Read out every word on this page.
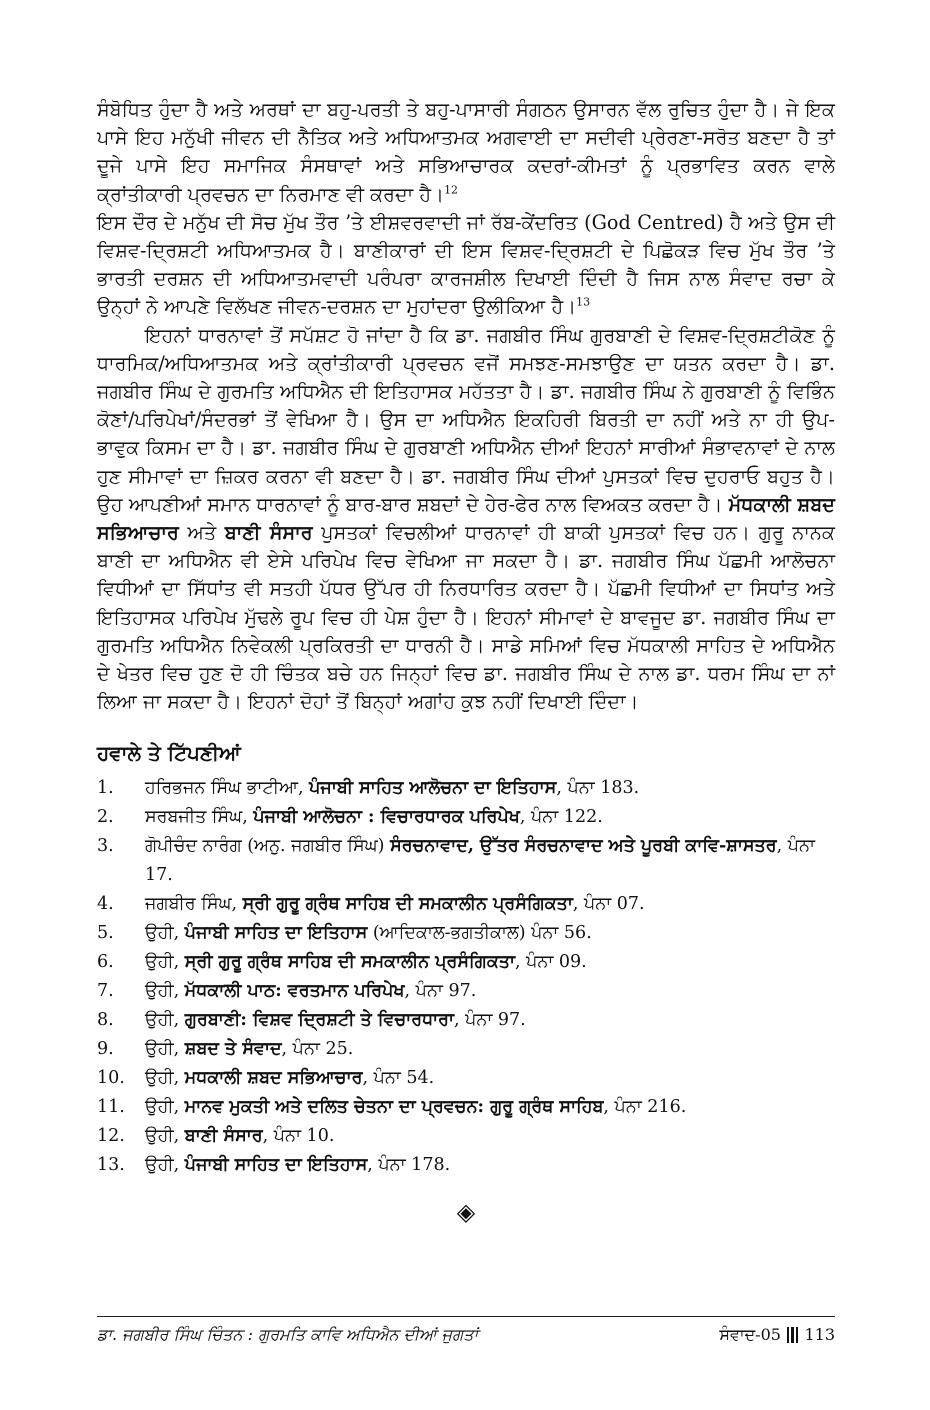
ਸੰਬੋਧਿਤ ਹੁੰਦਾ ਹੈ ਅਤੇ ਅਰਥਾਂ ਦਾ ਬਹੁ-ਪਰਤੀ ਤੇ ਬਹੁ-ਪਾਸਾਰੀ ਸੰਗਠਨ ਉਸਾਰਨ ਵੱਲ ਰੁਚਿਤ ਹੁੰਦਾ ਹੈ। ਜੇ ਇਕ ਪਾਸੇ ਇਹ ਮਨੁੱਖੀ ਜੀਵਨ ਦੀ ਨੈਤਿਕ ਅਤੇ ਅਧਿਆਤਮਕ ਅਗਵਾਈ ਦਾ ਸਦੀਵੀ ਪ੍ਰੇਰਣਾ-ਸਰੋਤ ਬਣਦਾ ਹੈ ਤਾਂ ਦੂਜੇ ਪਾਸੇ ਇਹ ਸਮਾਜਿਕ ਸੰਸਥਾਵਾਂ ਅਤੇ ਸਭਿਆਚਾਰਕ ਕਦਰਾਂ-ਕੀਮਤਾਂ ਨੂੰ ਪ੍ਰਭਾਵਿਤ ਕਰਨ ਵਾਲੇ ਕ੍ਰਾਂਤੀਕਾਰੀ ਪ੍ਰਵਚਨ ਦਾ ਨਿਰਮਾਣ ਵੀ ਕਰਦਾ ਹੈ।$^{12}$

ਇਸ ਦੌਰ ਦੇ ਮਨੁੱਖ ਦੀ ਸੋਚ ਮੁੱਖ ਤੌਰ ’ਤੇ ਈਸ਼ਵਰਵਾਦੀ ਜਾਂ ਰੱਬ-ਕੇਂਦਰਿਤ (God Centred) ਹੈ ਅਤੇ ਉਸ ਦੀ ਵਿਸ਼ਵ-ਦ੍ਰਿਸ਼ਟੀ ਅਧਿਆਤਮਕ ਹੈ। ਬਾਣੀਕਾਰਾਂ ਦੀ ਇਸ ਵਿਸ਼ਵ-ਦ੍ਰਿਸ਼ਟੀ ਦੇ ਪਿਛੋਕੜ ਵਿਚ ਮੁੱਖ ਤੌਰ ’ਤੇ ਭਾਰਤੀ ਦਰਸ਼ਨ ਦੀ ਅਧਿਆਤਮਵਾਦੀ ਪਰੰਪਰਾ ਕਾਰਜਸ਼ੀਲ ਦਿਖਾਈ ਦਿੰਦੀ ਹੈ ਜਿਸ ਨਾਲ ਸੰਵਾਦ ਰਚਾ ਕੇ ਉਨ੍ਹਾਂ ਨੇ ਆਪਣੇ ਵਿਲੱਖਣ ਜੀਵਨ-ਦਰਸ਼ਨ ਦਾ ਮੁਹਾਂਦਰਾ ਉਲੀਕਿਆ ਹੈ।$^{13}$

ਇਹਨਾਂ ਧਾਰਨਾਵਾਂ ਤੋਂ ਸਪੱਸ਼ਟ ਹੋ ਜਾਂਦਾ ਹੈ ਕਿ ਡਾ. ਜਗਬੀਰ ਸਿੰਘ ਗੁਰਬਾਣੀ ਦੇ ਵਿਸ਼ਵ-ਦ੍ਰਿਸ਼ਟੀਕੋਣ ਨੂੰ ਧਾਰਮਿਕ/ਅਧਿਆਤਮਕ ਅਤੇ ਕ੍ਰਾਂਤੀਕਾਰੀ ਪ੍ਰਵਚਨ ਵਜੋਂ ਸਮਝਣ-ਸਮਝਾਉਣ ਦਾ ਯਤਨ ਕਰਦਾ ਹੈ। ਡਾ. ਜਗਬੀਰ ਸਿੰਘ ਦੇ ਗੁਰਮਤਿ ਅਧਿਐਨ ਦੀ ਇਤਿਹਾਸਕ ਮਹੱਤਤਾ ਹੈ। ਡਾ. ਜਗਬੀਰ ਸਿੰਘ ਨੇ ਗੁਰਬਾਣੀ ਨੂੰ ਵਿਭਿੰਨ ਕੋਣਾਂ/ਪਰਿਪੇਖਾਂ/ਸੰਦਰਭਾਂ ਤੋਂ ਵੇਖਿਆ ਹੈ। ਉਸ ਦਾ ਅਧਿਐਨ ਇਕਹਿਰੀ ਬਿਰਤੀ ਦਾ ਨਹੀਂ ਅਤੇ ਨਾ ਹੀ ਉਪ-ਭਾਵੁਕ ਕਿਸਮ ਦਾ ਹੈ। ਡਾ. ਜਗਬੀਰ ਸਿੰਘ ਦੇ ਗੁਰਬਾਣੀ ਅਧਿਐਨ ਦੀਆਂ ਇਹਨਾਂ ਸਾਰੀਆਂ ਸੰਭਾਵਨਾਵਾਂ ਦੇ ਨਾਲ ਹੁਣ ਸੀਮਾਵਾਂ ਦਾ ਜ਼ਿਕਰ ਕਰਨਾ ਵੀ ਬਣਦਾ ਹੈ। ਡਾ. ਜਗਬੀਰ ਸਿੰਘ ਦੀਆਂ ਪੁਸਤਕਾਂ ਵਿਚ ਦੁਹਰਾਓ ਬਹੁਤ ਹੈ। ਉਹ ਆਪਣੀਆਂ ਸਮਾਨ ਧਾਰਨਾਵਾਂ ਨੂੰ ਬਾਰ-ਬਾਰ ਸ਼ਬਦਾਂ ਦੇ ਹੇਰ-ਫੇਰ ਨਾਲ ਵਿਅਕਤ ਕਰਦਾ ਹੈ। ਮੱਧਕਾਲੀ ਸ਼ਬਦ ਸਭਿਆਚਾਰ ਅਤੇ ਬਾਣੀ ਸੰਸਾਰ ਪੁਸਤਕਾਂ ਵਿਚਲੀਆਂ ਧਾਰਨਾਵਾਂ ਹੀ ਬਾਕੀ ਪੁਸਤਕਾਂ ਵਿਚ ਹਨ। ਗੁਰੂ ਨਾਨਕ ਬਾਣੀ ਦਾ ਅਧਿਐਨ ਵੀ ਏਸੇ ਪਰਿਪੇਖ ਵਿਚ ਵੇਖਿਆ ਜਾ ਸਕਦਾ ਹੈ। ਡਾ. ਜਗਬੀਰ ਸਿੰਘ ਪੱਛਮੀ ਆਲੋਚਨਾ ਵਿਧੀਆਂ ਦਾ ਸਿੱਧਾਂਤ ਵੀ ਸਤਹੀ ਪੱਧਰ ਉੱਪਰ ਹੀ ਨਿਰਧਾਰਿਤ ਕਰਦਾ ਹੈ। ਪੱਛਮੀ ਵਿਧੀਆਂ ਦਾ ਸਿਧਾਂਤ ਅਤੇ ਇਤਿਹਾਸਕ ਪਰਿਪੇਖ ਮੁੱਢਲੇ ਰੂਪ ਵਿਚ ਹੀ ਪੇਸ਼ ਹੁੰਦਾ ਹੈ। ਇਹਨਾਂ ਸੀਮਾਵਾਂ ਦੇ ਬਾਵਜੂਦ ਡਾ. ਜਗਬੀਰ ਸਿੰਘ ਦਾ ਗੁਰਮਤਿ ਅਧਿਐਨ ਨਿਵੇਕਲੀ ਪ੍ਰਕਿਰਤੀ ਦਾ ਧਾਰਨੀ ਹੈ। ਸਾਡੇ ਸਮਿਆਂ ਵਿਚ ਮੱਧਕਾਲੀ ਸਾਹਿਤ ਦੇ ਅਧਿਐਨ ਦੇ ਖੇਤਰ ਵਿਚ ਹੁਣ ਦੋ ਹੀ ਚਿੰਤਕ ਬਚੇ ਹਨ ਜਿਨ੍ਹਾਂ ਵਿਚ ਡਾ. ਜਗਬੀਰ ਸਿੰਘ ਦੇ ਨਾਲ ਡਾ. ਧਰਮ ਸਿੰਘ ਦਾ ਨਾਂ ਲਿਆ ਜਾ ਸਕਦਾ ਹੈ। ਇਹਨਾਂ ਦੋਹਾਂ ਤੋਂ ਬਿਨ੍ਹਾਂ ਅਗਾਂਹ ਕੁਝ ਨਹੀਂ ਦਿਖਾਈ ਦਿੰਦਾ।

ਹਵਾਲੇ ਤੇ ਟਿੱਪਣੀਆਂ
1.	ਹਰਿਭਜਨ ਸਿੰਘ ਭਾਟੀਆ, ਪੰਜਾਬੀ ਸਾਹਿਤ ਆਲੋਚਨਾ ਦਾ ਇਤਿਹਾਸ, ਪੰਨਾ 183.
2.	ਸਰਬਜੀਤ ਸਿੰਘ, ਪੰਜਾਬੀ ਆਲੋਚਨਾ : ਵਿਚਾਰਧਾਰਕ ਪਰਿਪੇਖ, ਪੰਨਾ 122.
3.	ਗੋਪੀਚੰਦ ਨਾਰੰਗ (ਅਨੁ. ਜਗਬੀਰ ਸਿੰਘ) ਸੰਰਚਨਾਵਾਦ, ਉੱਤਰ ਸੰਰਚਨਾਵਾਦ ਅਤੇ ਪੂਰਬੀ ਕਾਵਿ-ਸ਼ਾਸਤਰ, ਪੰਨਾ 17.
4.	ਜਗਬੀਰ ਸਿੰਘ, ਸ੍ਰੀ ਗੁਰੂ ਗ੍ਰੰਥ ਸਾਹਿਬ ਦੀ ਸਮਕਾਲੀਨ ਪ੍ਰਸੰਗਿਕਤਾ, ਪੰਨਾ 07.
5.	ਉਹੀ, ਪੰਜਾਬੀ ਸਾਹਿਤ ਦਾ ਇਤਿਹਾਸ (ਆਦਿਕਾਲ-ਭਗਤੀਕਾਲ) ਪੰਨਾ 56.
6.	ਉਹੀ, ਸ੍ਰੀ ਗੁਰੂ ਗ੍ਰੰਥ ਸਾਹਿਬ ਦੀ ਸਮਕਾਲੀਨ ਪ੍ਰਸੰਗਿਕਤਾ, ਪੰਨਾ 09.
7.	ਉਹੀ, ਮੱਧਕਾਲੀ ਪਾਠ: ਵਰਤਮਾਨ ਪਰਿਪੇਖ, ਪੰਨਾ 97.
8.	ਉਹੀ, ਗੁਰਬਾਣੀ: ਵਿਸ਼ਵ ਦ੍ਰਿਸ਼ਟੀ ਤੇ ਵਿਚਾਰਧਾਰਾ, ਪੰਨਾ 97.
9.	ਉਹੀ, ਸ਼ਬਦ ਤੇ ਸੰਵਾਦ, ਪੰਨਾ 25.
10.	ਉਹੀ, ਮਧਕਾਲੀ ਸ਼ਬਦ ਸਭਿਆਚਾਰ, ਪੰਨਾ 54.
11.	ਉਹੀ, ਮਾਨਵ ਮੁਕਤੀ ਅਤੇ ਦਲਿਤ ਚੇਤਨਾ ਦਾ ਪ੍ਰਵਚਨ: ਗੁਰੂ ਗ੍ਰੰਥ ਸਾਹਿਬ, ਪੰਨਾ 216.
12.	ਉਹੀ, ਬਾਣੀ ਸੰਸਾਰ, ਪੰਨਾ 10.
13.	ਉਹੀ, ਪੰਜਾਬੀ ਸਾਹਿਤ ਦਾ ਇਤਿਹਾਸ, ਪੰਨਾ 178.
◈
ਡਾ. ਜਗਬੀਰ ਸਿੰਘ ਚਿੰਤਨ : ਗੁਰਮਤਿ ਕਾਵਿ ਅਧਿਐਨ ਦੀਆਂ ਜੁਗਤਾਂ	ਸੰਵਾਦ-05 113
